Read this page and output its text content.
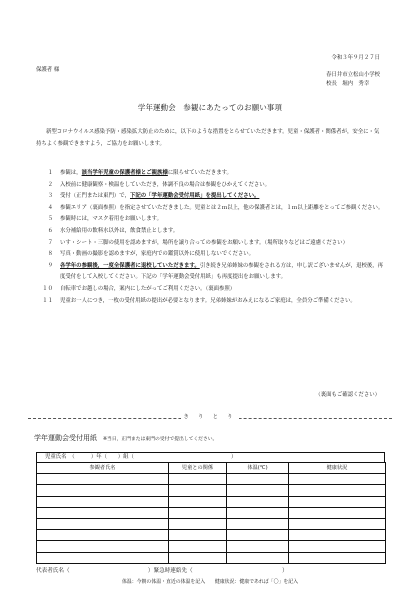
令和３年９月２７日
保護者 様
春日井市立松山小学校
校長　堀内　秀幸
学年運動会　参観にあたってのお願い事項
新型コロナウイルス感染予防・感染拡大防止のために，以下のような措置をとらせていただきます。児童・保護者・関係者が，安全に・気持ちよく参観できますよう，ご協力をお願いします。
１	参観は，該当学年児童の保護者様とご親族様に限らせていただきます。
２	入校前に健康観察・検温をしていただき，体調不良の場合は参観をひかえてください。
３	受付（正門または東門）で，下記の「学年運動会受付用紙」を提出してください。
４	参観エリア（裏面参照）を指定させていただきました。児童とは２ｍ以上，他の保護者とは，１ｍ以上距離をとってご参観ください。
５	参観時には，マスク着用をお願いします。
６	水分補給用の飲料水以外は，飲食禁止とします。
７	いす・シート・三脚の使用を認めますが，場所を譲り合っての参観をお願いします。（場所取りなどはご遠慮ください）
８	写真・動画の撮影を認めますが，家庭内での鑑賞以外に使用しないでください。
９	各学年の参観後，一度全保護者に退校していただきます。引き続き兄弟姉妹の参観をされる方は，申し訳ございませんが，退校後，再度受付をして入校してください。下記の「学年運動会受付用紙」も再度提出をお願いします。
１０	自転車でお越しの場合，案内にしたがってご利用ください。（裏面参照）
１１	児童お一人につき，一枚の受付用紙の提出が必要となります。兄弟姉妹がおみえになるご家庭は，全員分ご準備ください。
（裏面もご確認ください）
き り と り
学年運動会受付用紙 ※当日，正門または東門の受付で提出してください。
児童氏名　（　　　）年（　　）組（　　　　　　　　　　　　　　　　　　）
参観者氏名	児童との関係	体温(℃)	健康状況

代表者氏名（　　　　　　　　　　　　　　）緊急時連絡先（　　　　　　　　　　　　　　　　）
体温：今朝の体温・直近の体温を記入　　健康状況：健康であれば「〇」を記入
